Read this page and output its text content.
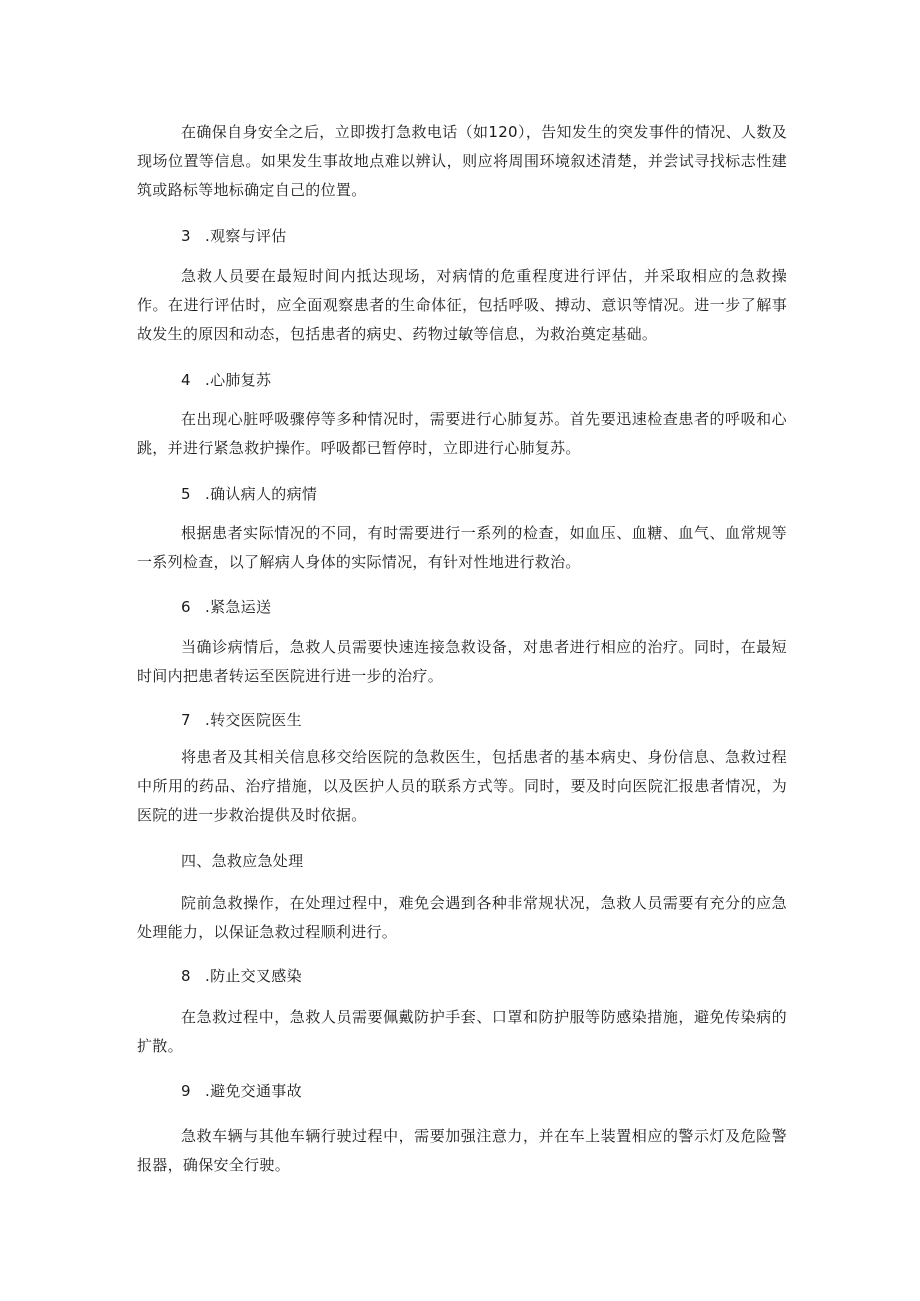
在确保自身安全之后，立即拨打急救电话（如120），告知发生的突发事件的情况、人数及现场位置等信息。如果发生事故地点难以辨认，则应将周围环境叙述清楚，并尝试寻找标志性建筑或路标等地标确定自己的位置。

3 .观察与评估

急救人员要在最短时间内抵达现场，对病情的危重程度进行评估，并采取相应的急救操作。在进行评估时，应全面观察患者的生命体征，包括呼吸、搏动、意识等情况。进一步了解事故发生的原因和动态，包括患者的病史、药物过敏等信息，为救治奠定基础。

4 .心肺复苏

在出现心脏呼吸骤停等多种情况时，需要进行心肺复苏。首先要迅速检查患者的呼吸和心跳，并进行紧急救护操作。呼吸都已暂停时，立即进行心肺复苏。

5 .确认病人的病情

根据患者实际情况的不同，有时需要进行一系列的检查，如血压、血糖、血气、血常规等一系列检查，以了解病人身体的实际情况，有针对性地进行救治。

6 .紧急运送

当确诊病情后，急救人员需要快速连接急救设备，对患者进行相应的治疗。同时，在最短时间内把患者转运至医院进行进一步的治疗。

7 .转交医院医生

将患者及其相关信息移交给医院的急救医生，包括患者的基本病史、身份信息、急救过程中所用的药品、治疗措施，以及医护人员的联系方式等。同时，要及时向医院汇报患者情况，为医院的进一步救治提供及时依据。

四、急救应急处理

院前急救操作，在处理过程中，难免会遇到各种非常规状况，急救人员需要有充分的应急处理能力，以保证急救过程顺利进行。

8 .防止交叉感染

在急救过程中，急救人员需要佩戴防护手套、口罩和防护服等防感染措施，避免传染病的扩散。

9 .避免交通事故

急救车辆与其他车辆行驶过程中，需要加强注意力，并在车上装置相应的警示灯及危险警报器，确保安全行驶。
